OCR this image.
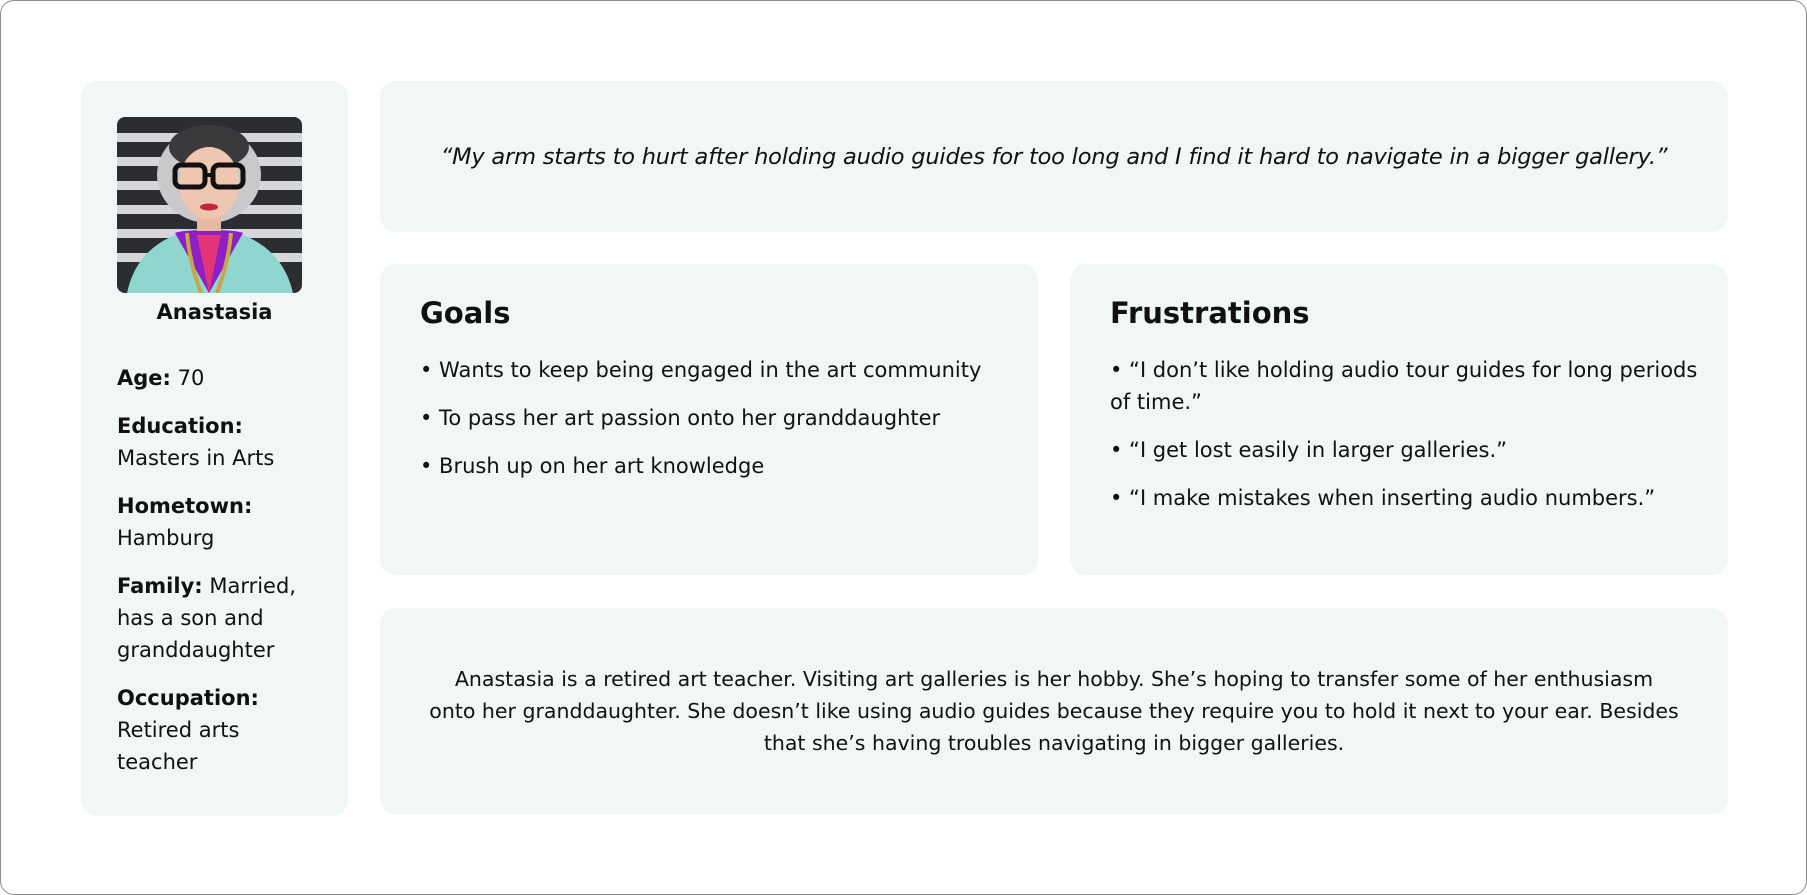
Anastasia
Age: 70
Education:
Masters in Arts
Hometown:
Hamburg
Family: Married, has a son and granddaughter
Occupation:
Retired arts teacher

“My arm starts to hurt after holding audio guides for too long and I find it hard to navigate in a bigger gallery.”

Goals
• Wants to keep being engaged in the art community
• To pass her art passion onto her granddaughter
• Brush up on her art knowledge
Frustrations
• “I don’t like holding audio tour guides for long periods of time.”
• “I get lost easily in larger galleries.”
• “I make mistakes when inserting audio numbers.”

Anastasia is a retired art teacher. Visiting art galleries is her hobby. She’s hoping to transfer some of her enthusiasm onto her granddaughter. She doesn’t like using audio guides because they require you to hold it next to your ear. Besides that she’s having troubles navigating in bigger galleries.
